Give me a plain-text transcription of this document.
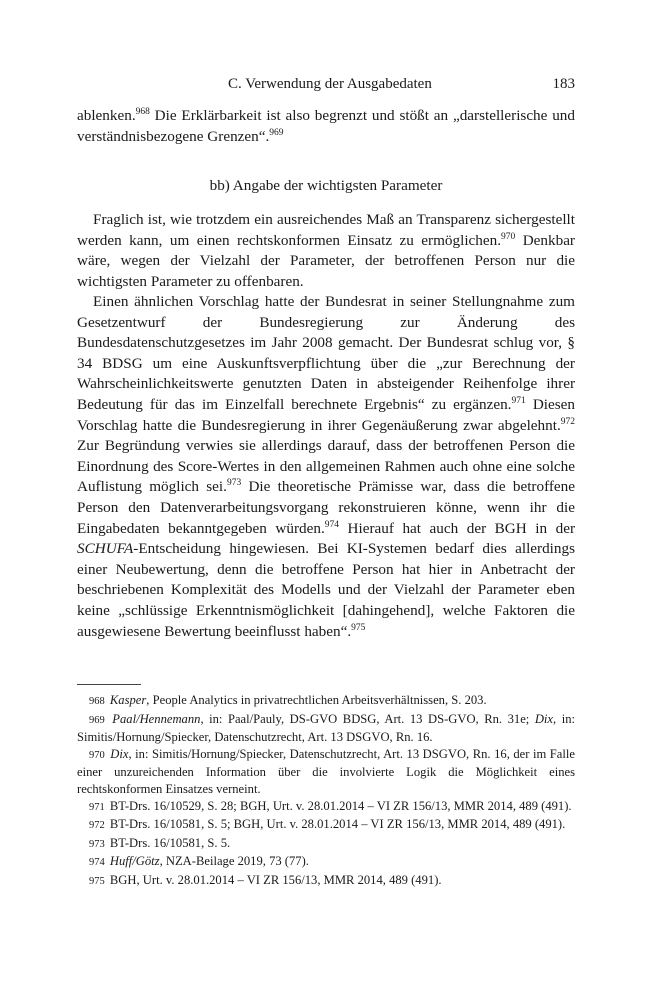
C. Verwendung der Ausgabedaten	183

ablenken.$^{968}$ Die Erklärbarkeit ist also begrenzt und stößt an „darstellerische und verständnisbezogene Grenzen“.$^{969}$

bb) Angabe der wichtigsten Parameter

Fraglich ist, wie trotzdem ein ausreichendes Maß an Transparenz sichergestellt werden kann, um einen rechtskonformen Einsatz zu ermöglichen.$^{970}$ Denkbar wäre, wegen der Vielzahl der Parameter, der betroffenen Person nur die wichtigsten Parameter zu offenbaren.

Einen ähnlichen Vorschlag hatte der Bundesrat in seiner Stellungnahme zum Gesetzentwurf der Bundesregierung zur Änderung des Bundesdatenschutzgesetzes im Jahr 2008 gemacht. Der Bundesrat schlug vor, § 34 BDSG um eine Auskunftsverpflichtung über die „zur Berechnung der Wahrscheinlichkeitswerte genutzten Daten in absteigender Reihenfolge ihrer Bedeutung für das im Einzelfall berechnete Ergebnis“ zu ergänzen.$^{971}$ Diesen Vorschlag hatte die Bundesregierung in ihrer Gegenäußerung zwar abgelehnt.$^{972}$ Zur Begründung verwies sie allerdings darauf, dass der betroffenen Person die Einordnung des Score-Wertes in den allgemeinen Rahmen auch ohne eine solche Auflistung möglich sei.$^{973}$ Die theoretische Prämisse war, dass die betroffene Person den Datenverarbeitungsvorgang rekonstruieren könne, wenn ihr die Eingabedaten bekanntgegeben würden.$^{974}$ Hierauf hat auch der BGH in der SCHUFA-Entscheidung hingewiesen. Bei KI-Systemen bedarf dies allerdings einer Neubewertung, denn die betroffene Person hat hier in Anbetracht der beschriebenen Komplexität des Modells und der Vielzahl der Parameter eben keine „schlüssige Erkenntnismöglichkeit [dahingehend], welche Faktoren die ausgewiesene Bewertung beeinflusst haben“.$^{975}$

968 Kasper, People Analytics in privatrechtlichen Arbeitsverhältnissen, S. 203.

969 Paal/Hennemann, in: Paal/Pauly, DS-GVO BDSG, Art. 13 DS-GVO, Rn. 31e; Dix, in: Simitis/Hornung/Spiecker, Datenschutzrecht, Art. 13 DSGVO, Rn. 16.

970 Dix, in: Simitis/Hornung/Spiecker, Datenschutzrecht, Art. 13 DSGVO, Rn. 16, der im Falle einer unzureichenden Information über die involvierte Logik die Möglichkeit eines rechtskonformen Einsatzes verneint.

971 BT-Drs. 16/10529, S. 28; BGH, Urt. v. 28.01.2014 – VI ZR 156/13, MMR 2014, 489 (491).

972 BT-Drs. 16/10581, S. 5; BGH, Urt. v. 28.01.2014 – VI ZR 156/13, MMR 2014, 489 (491).

973 BT-Drs. 16/10581, S. 5.

974 Huff/Götz, NZA-Beilage 2019, 73 (77).

975 BGH, Urt. v. 28.01.2014 – VI ZR 156/13, MMR 2014, 489 (491).
